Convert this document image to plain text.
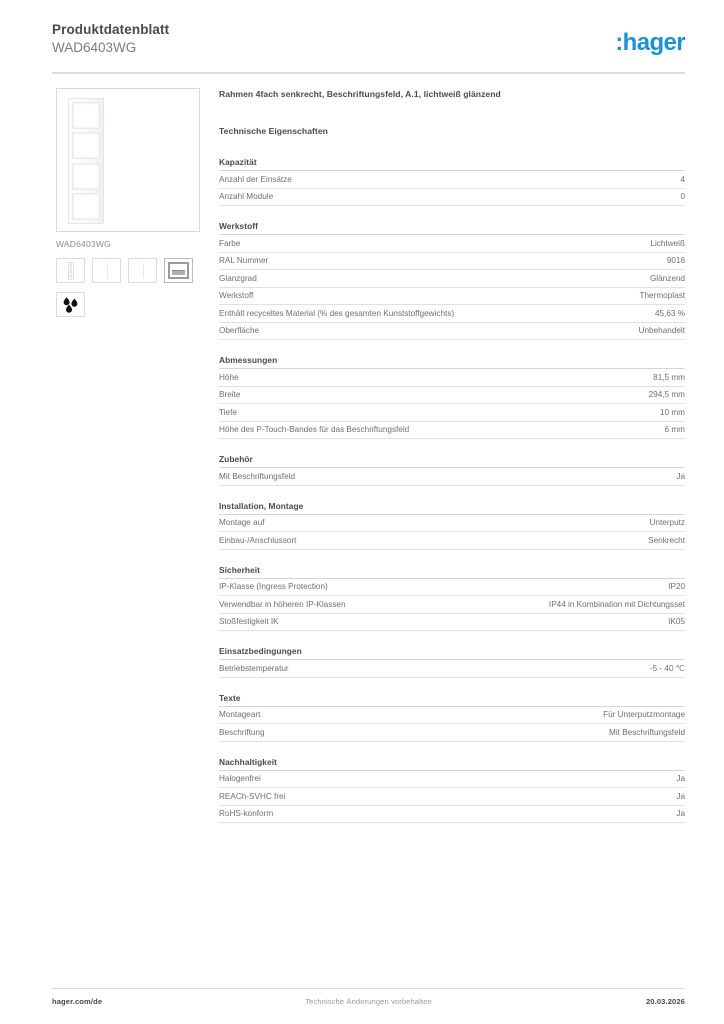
Produktdatenblatt
WAD6403WG	:hager
WAD6403WG
Rahmen 4fach senkrecht, Beschriftungsfeld, A.1, lichtweiß glänzend
Technische Eigenschaften
Kapazität
Anzahl der Einsätze	4
Anzahl Module	0
Werkstoff
Farbe	Lichtweiß
RAL Nummer	9016
Glanzgrad	Glänzend
Werkstoff	Thermoplast
Enthält recyceltes Material (% des gesamten Kunststoffgewichts)	45,63 %
Oberfläche	Unbehandelt
Abmessungen
Höhe	81,5 mm
Breite	294,5 mm
Tiefe	10 mm
Höhe des P-Touch-Bandes für das Beschriftungsfeld	6 mm
Zubehör
Mit Beschriftungsfeld	Ja
Installation, Montage
Montage auf	Unterputz
Einbau-/Anschlussort	Senkrecht
Sicherheit
IP-Klasse (Ingress Protection)	IP20
Verwendbar in höheren IP-Klassen	IP44 in Kombination mit Dichtungsset
Stoßfestigkeit IK	IK05
Einsatzbedingungen
Betriebstemperatur	-5 - 40 ℃
Texte
Montageart	Für Unterputzmontage
Beschriftung	Mit Beschriftungsfeld
Nachhaltigkeit
Halogenfrei	Ja
REACh-SVHC frei	Ja
RoHS-konform	Ja
hager.com/de	Technische Änderungen vorbehalten	20.03.2026
